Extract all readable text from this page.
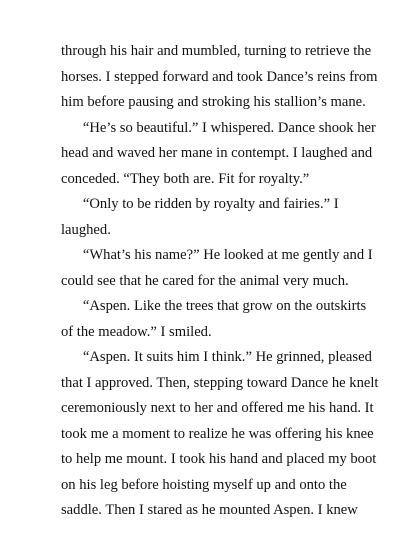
through his hair and mumbled, turning to retrieve the
horses. I stepped forward and took Dance’s reins from
him before pausing and stroking his stallion’s mane.
“He’s so beautiful.” I whispered. Dance shook her
head and waved her mane in contempt. I laughed and
conceded. “They both are. Fit for royalty.”
“Only to be ridden by royalty and fairies.” I
laughed.
“What’s his name?” He looked at me gently and I
could see that he cared for the animal very much.
“Aspen. Like the trees that grow on the outskirts
of the meadow.” I smiled.
“Aspen. It suits him I think.” He grinned, pleased
that I approved. Then, stepping toward Dance he knelt
ceremoniously next to her and offered me his hand. It
took me a moment to realize he was offering his knee
to help me mount. I took his hand and placed my boot
on his leg before hoisting myself up and onto the
saddle. Then I stared as he mounted Aspen. I knew
